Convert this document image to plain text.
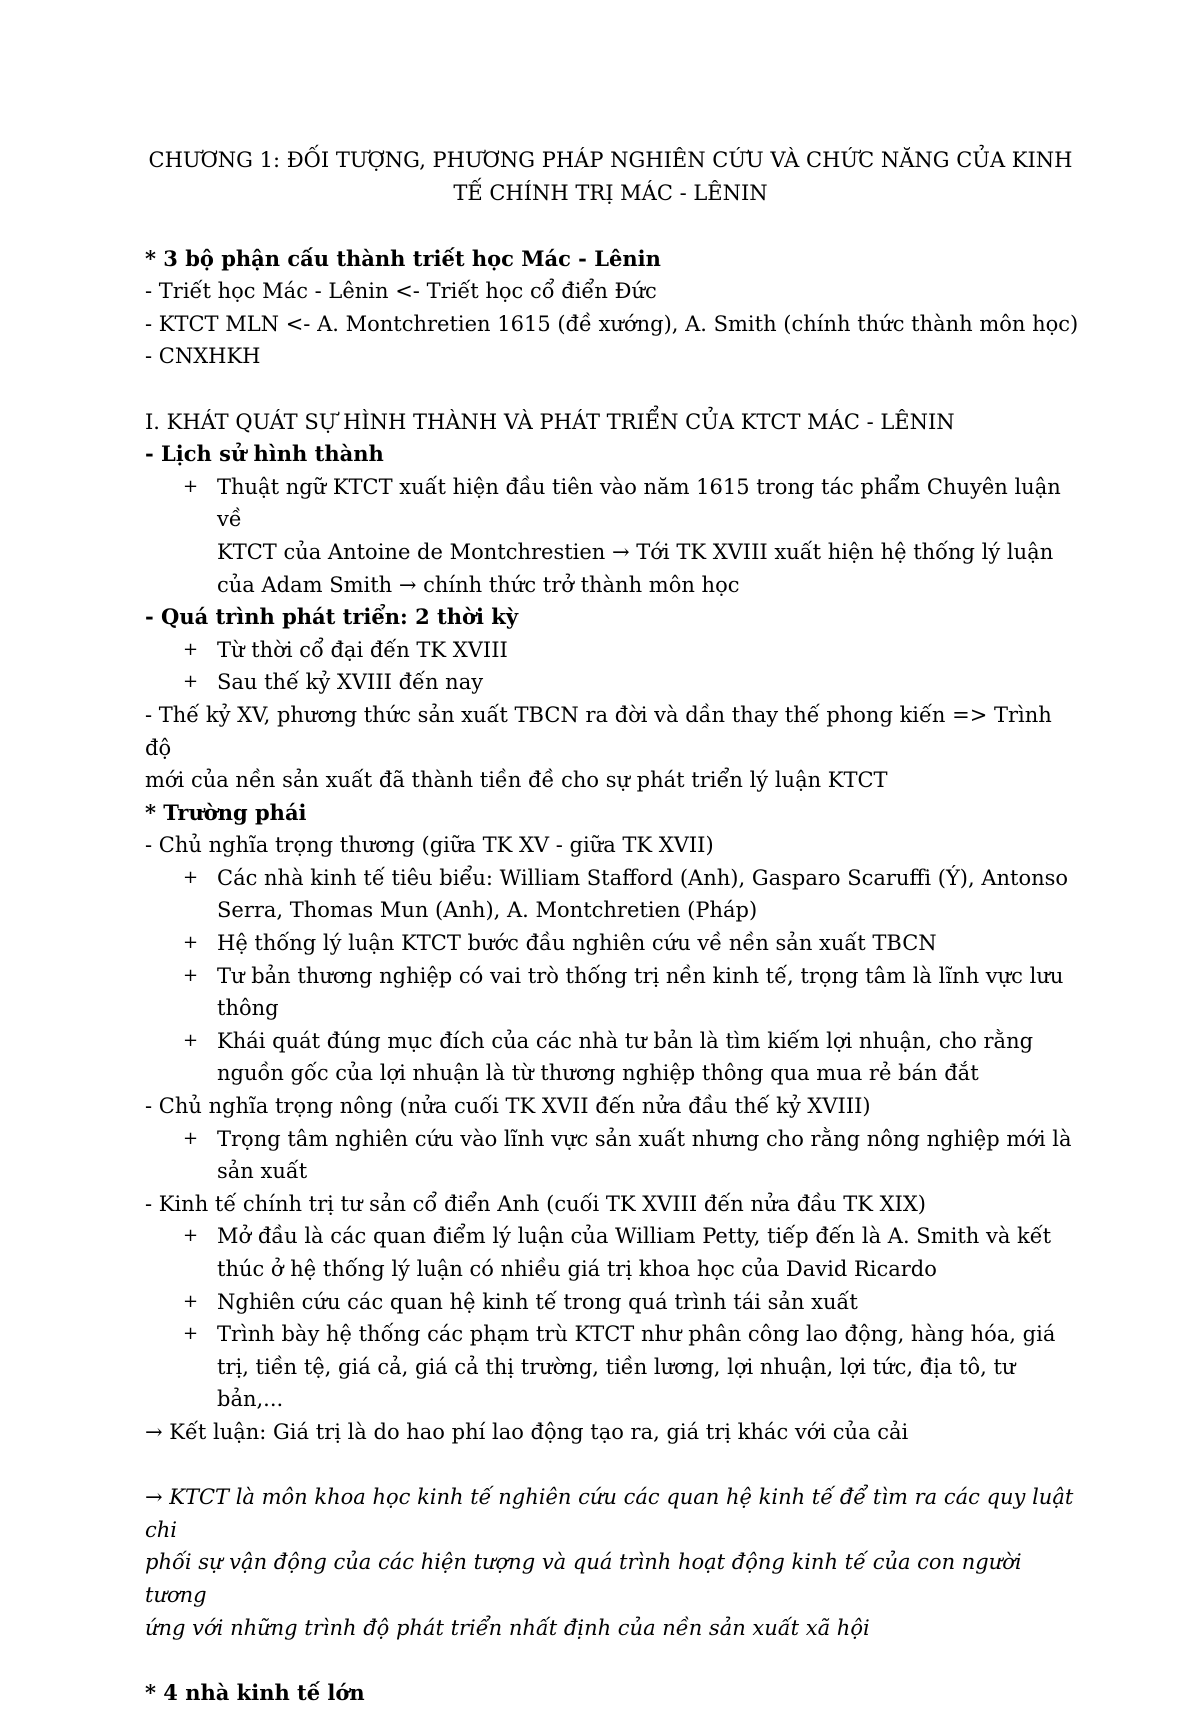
CHƯƠNG 1: ĐỐI TƯỢNG, PHƯƠNG PHÁP NGHIÊN CỨU VÀ CHỨC NĂNG CỦA KINH
TẾ CHÍNH TRỊ MÁC - LÊNIN

* 3 bộ phận cấu thành triết học Mác - Lênin

- Triết học Mác - Lênin <- Triết học cổ điển Đức

- KTCT MLN <- A. Montchretien 1615 (đề xướng), A. Smith (chính thức thành môn học)

- CNXHKH

I. KHÁT QUÁT SỰ HÌNH THÀNH VÀ PHÁT TRIỂN CỦA KTCT MÁC - LÊNIN

- Lịch sử hình thành

+ Thuật ngữ KTCT xuất hiện đầu tiên vào năm 1615 trong tác phẩm Chuyên luận về
KTCT của Antoine de Montchrestien → Tới TK XVIII xuất hiện hệ thống lý luận
của Adam Smith → chính thức trở thành môn học

- Quá trình phát triển: 2 thời kỳ

+ Từ thời cổ đại đến TK XVIII
+ Sau thế kỷ XVIII đến nay

- Thế kỷ XV, phương thức sản xuất TBCN ra đời và dần thay thế phong kiến => Trình độ

mới của nền sản xuất đã thành tiền đề cho sự phát triển lý luận KTCT

* Trường phái

- Chủ nghĩa trọng thương (giữa TK XV - giữa TK XVII)

+ Các nhà kinh tế tiêu biểu: William Stafford (Anh), Gasparo Scaruffi (Ý), Antonso
Serra, Thomas Mun (Anh), A. Montchretien (Pháp)
+ Hệ thống lý luận KTCT bước đầu nghiên cứu về nền sản xuất TBCN
+ Tư bản thương nghiệp có vai trò thống trị nền kinh tế, trọng tâm là lĩnh vực lưu
thông
+ Khái quát đúng mục đích của các nhà tư bản là tìm kiếm lợi nhuận, cho rằng
nguồn gốc của lợi nhuận là từ thương nghiệp thông qua mua rẻ bán đắt

- Chủ nghĩa trọng nông (nửa cuối TK XVII đến nửa đầu thế kỷ XVIII)

+ Trọng tâm nghiên cứu vào lĩnh vực sản xuất nhưng cho rằng nông nghiệp mới là
sản xuất

- Kinh tế chính trị tư sản cổ điển Anh (cuối TK XVIII đến nửa đầu TK XIX)

+ Mở đầu là các quan điểm lý luận của William Petty, tiếp đến là A. Smith và kết
thúc ở hệ thống lý luận có nhiều giá trị khoa học của David Ricardo
+ Nghiên cứu các quan hệ kinh tế trong quá trình tái sản xuất
+ Trình bày hệ thống các phạm trù KTCT như phân công lao động, hàng hóa, giá
trị, tiền tệ, giá cả, giá cả thị trường, tiền lương, lợi nhuận, lợi tức, địa tô, tư bản,...

→ Kết luận: Giá trị là do hao phí lao động tạo ra, giá trị khác với của cải

→ KTCT là môn khoa học kinh tế nghiên cứu các quan hệ kinh tế để tìm ra các quy luật chi

phối sự vận động của các hiện tượng và quá trình hoạt động kinh tế của con người tương

ứng với những trình độ phát triển nhất định của nền sản xuất xã hội

* 4 nhà kinh tế lớn
